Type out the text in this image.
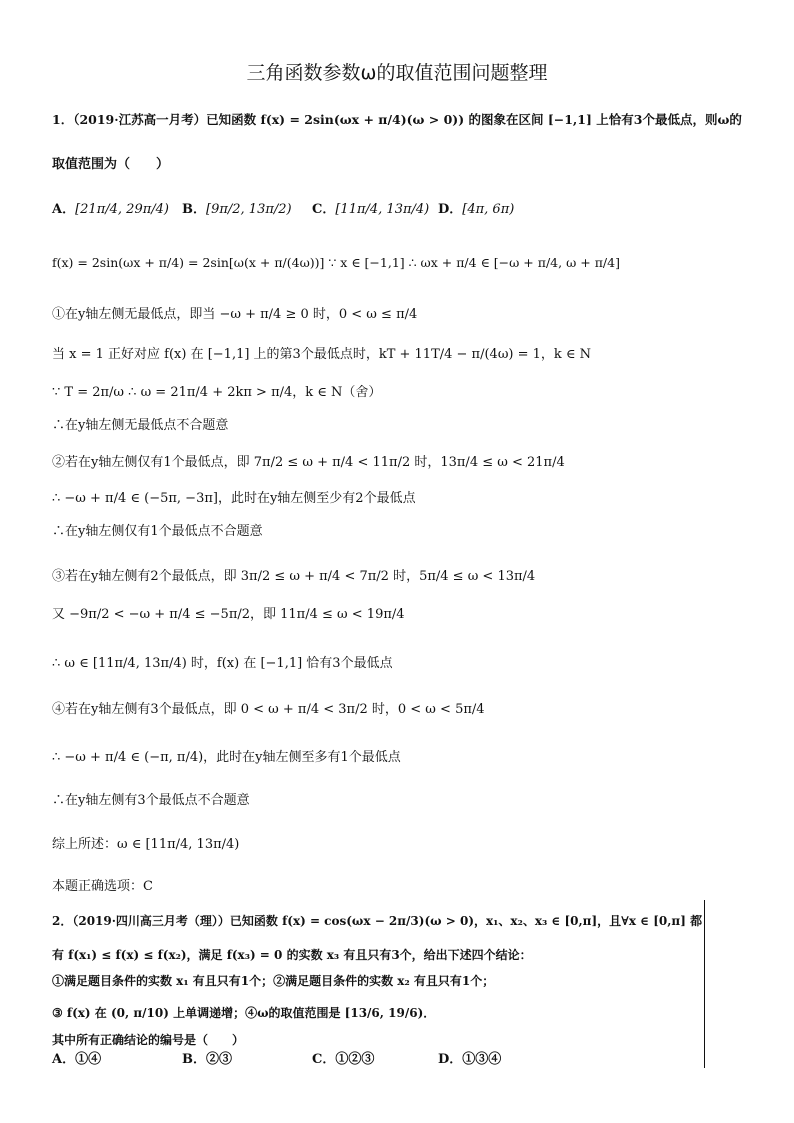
三角函数参数ω的取值范围问题整理
1．（2019·江苏高一月考）已知函数 f(x) = 2sin(ωx + π/4)(ω > 0)) 的图象在区间 [−1,1] 上恰有3个最低点，则ω的
取值范围为（　　）
A．[21π/4, 29π/4) B．[9π/2, 13π/2) C．[11π/4, 13π/4) D．[4π, 6π)
f(x) = 2sin(ωx + π/4) = 2sin[ω(x + π/(4ω))] ∵ x ∈ [−1,1] ∴ ωx + π/4 ∈ [−ω + π/4, ω + π/4]
①在y轴左侧无最低点，即当 −ω + π/4 ≥ 0 时，0 < ω ≤ π/4
当 x = 1 正好对应 f(x) 在 [−1,1] 上的第3个最低点时，kT + 11T/4 − π/(4ω) = 1，k ∈ N
∵ T = 2π/ω ∴ ω = 21π/4 + 2kπ > π/4，k ∈ N（舍）
∴在y轴左侧无最低点不合题意
②若在y轴左侧仅有1个最低点，即 7π/2 ≤ ω + π/4 < 11π/2 时，13π/4 ≤ ω < 21π/4
∴ −ω + π/4 ∈ (−5π, −3π]，此时在y轴左侧至少有2个最低点
∴在y轴左侧仅有1个最低点不合题意
③若在y轴左侧有2个最低点，即 3π/2 ≤ ω + π/4 < 7π/2 时，5π/4 ≤ ω < 13π/4
又 −9π/2 < −ω + π/4 ≤ −5π/2，即 11π/4 ≤ ω < 19π/4
∴ ω ∈ [11π/4, 13π/4) 时，f(x) 在 [−1,1] 恰有3个最低点
④若在y轴左侧有3个最低点，即 0 < ω + π/4 < 3π/2 时，0 < ω < 5π/4
∴ −ω + π/4 ∈ (−π, π/4)，此时在y轴左侧至多有1个最低点
∴在y轴左侧有3个最低点不合题意
综上所述：ω ∈ [11π/4, 13π/4)
本题正确选项：C
2．（2019·四川高三月考（理））已知函数 f(x) = cos(ωx − 2π/3)(ω > 0)，x₁、x₂、x₃ ∈ [0,π]，且∀x ∈ [0,π] 都
有 f(x₁) ≤ f(x) ≤ f(x₂)，满足 f(x₃) = 0 的实数 x₃ 有且只有3个，给出下述四个结论：
①满足题目条件的实数 x₁ 有且只有1个；②满足题目条件的实数 x₂ 有且只有1个；
③ f(x) 在 (0, π/10) 上单调递增；④ω的取值范围是 [13/6, 19/6)．
其中所有正确结论的编号是（　　）
A．①④	B．②③	C．①②③	D．①③④
